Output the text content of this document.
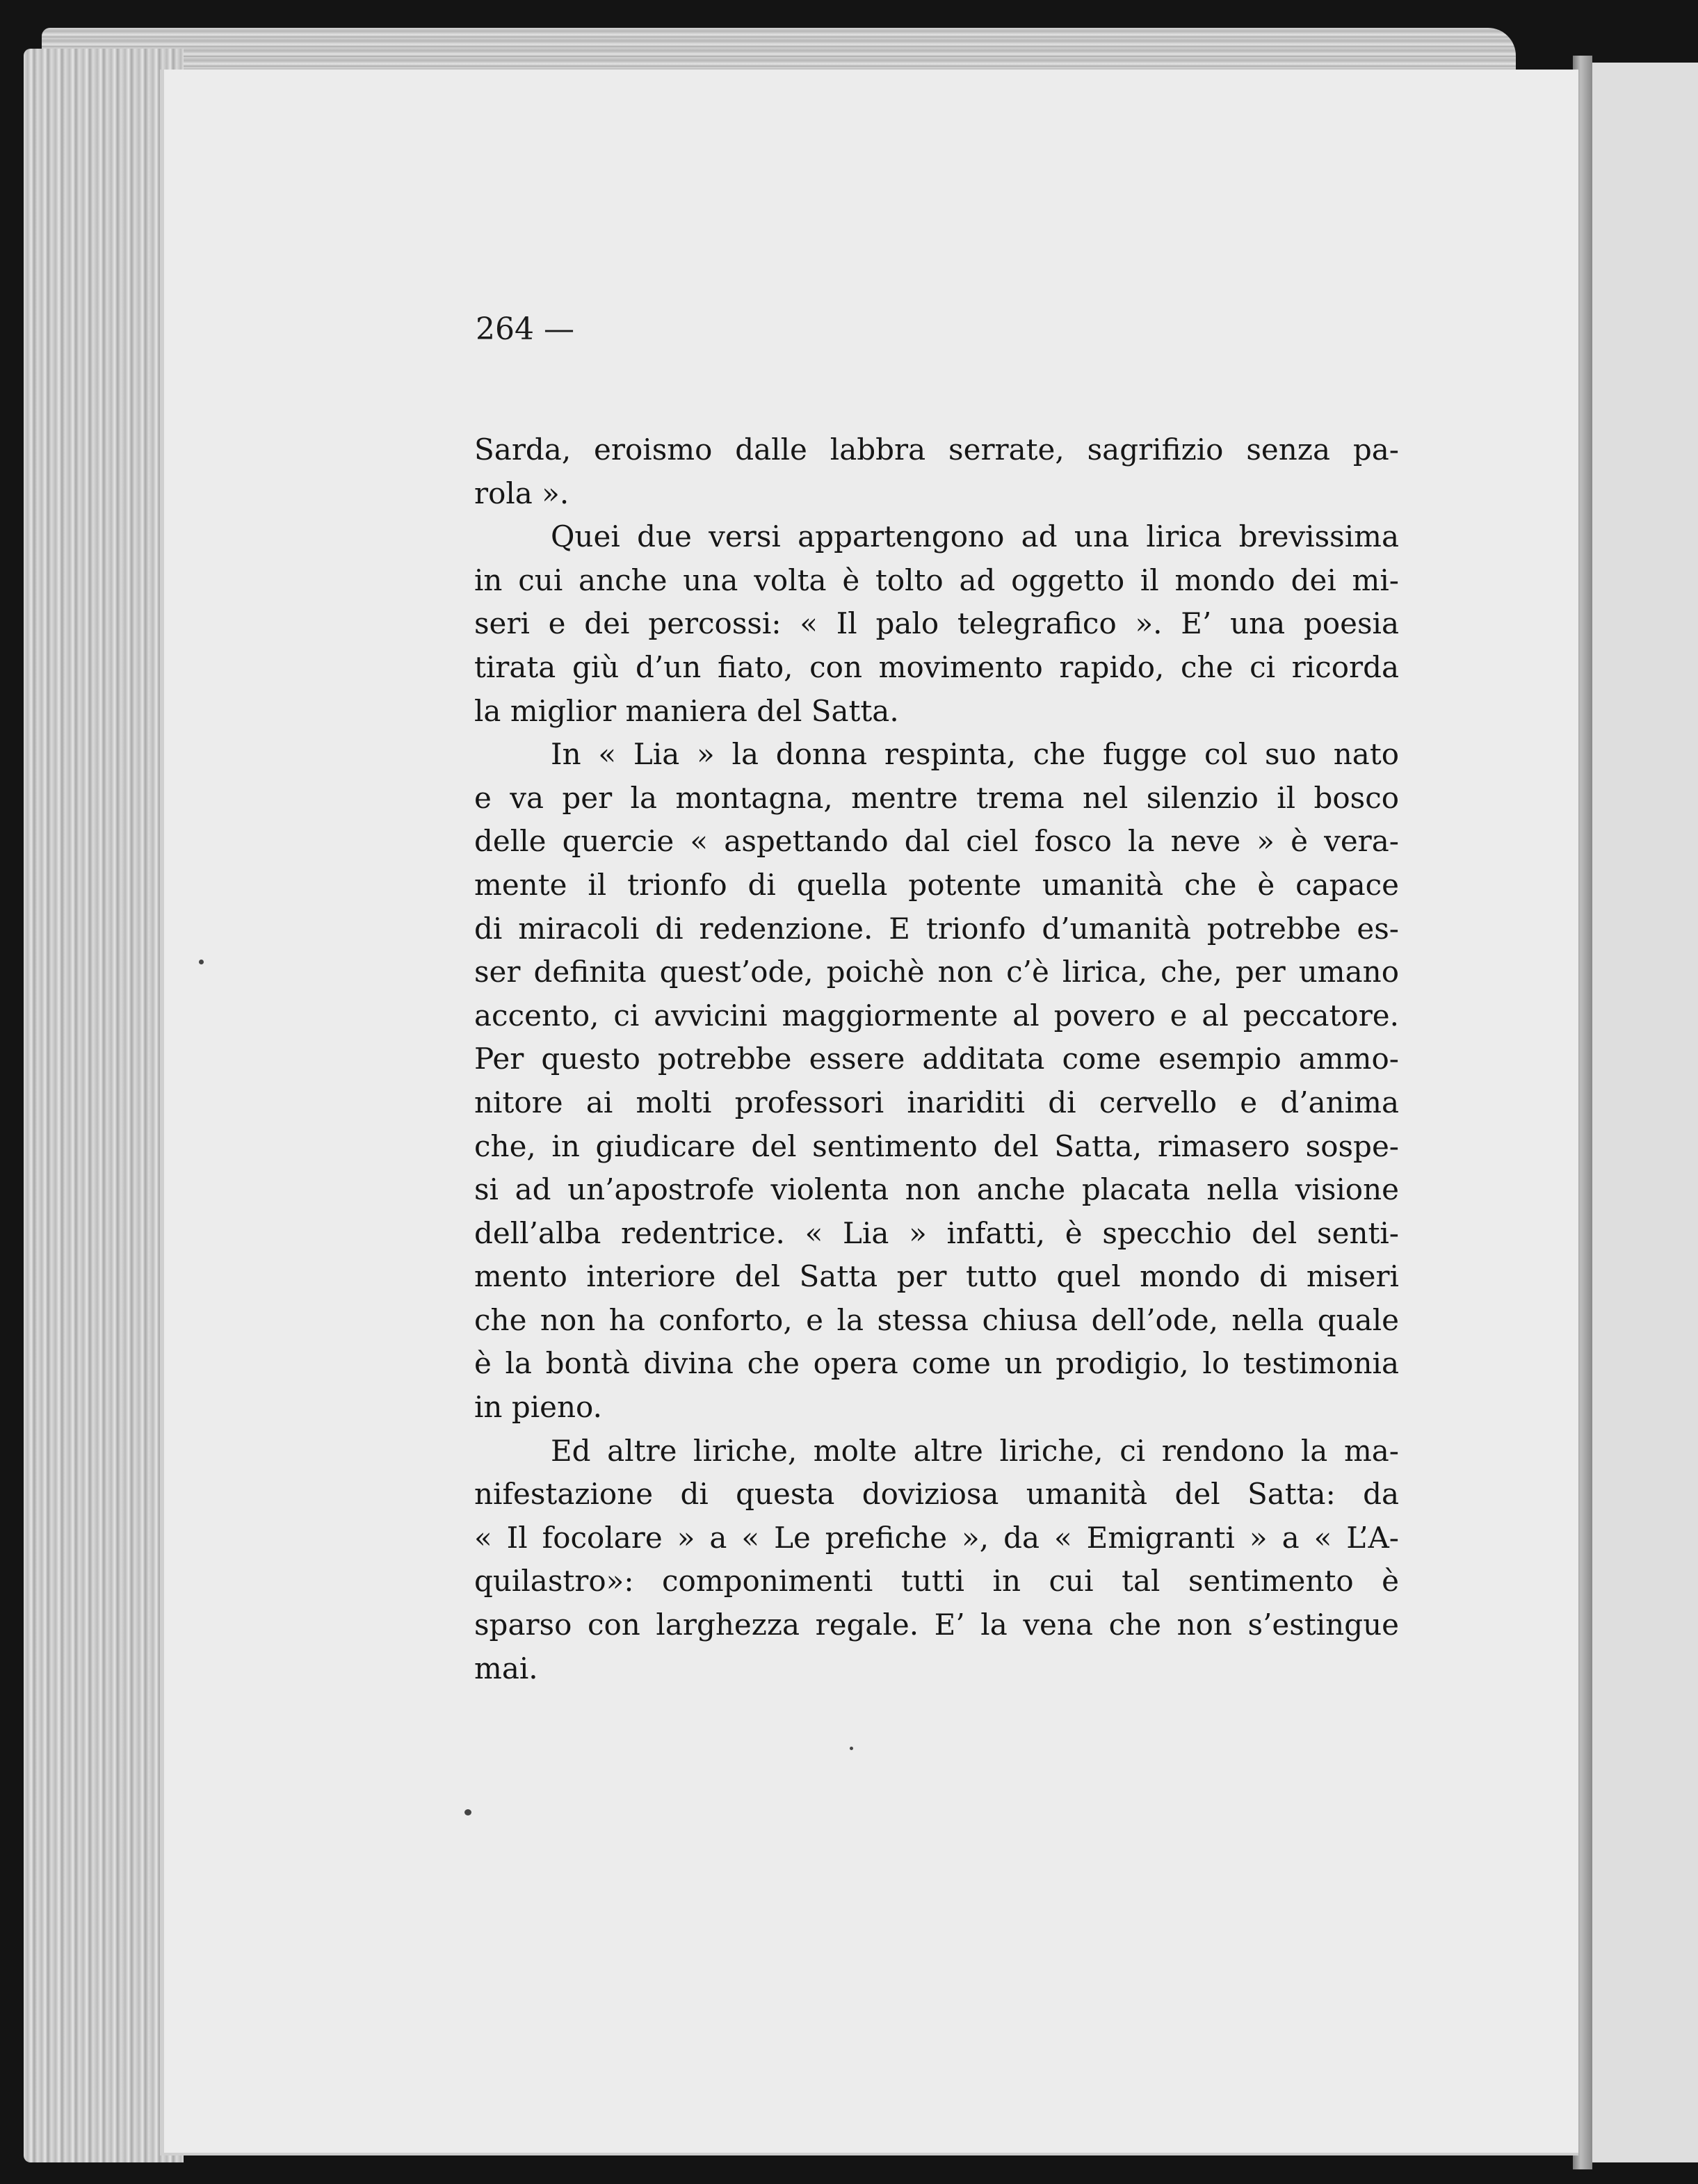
264 —
Sarda, eroismo dalle labbra serrate, sagrifizio senza pa-
rola ».
Quei due versi appartengono ad una lirica brevissima
in cui anche una volta è tolto ad oggetto il mondo dei mi-
seri e dei percossi: « Il palo telegrafico ». E’ una poesia
tirata giù d’un fiato, con movimento rapido, che ci ricorda
la miglior maniera del Satta.
In « Lia » la donna respinta, che fugge col suo nato
e va per la montagna, mentre trema nel silenzio il bosco
delle quercie « aspettando dal ciel fosco la neve » è vera-
mente il trionfo di quella potente umanità che è capace
di miracoli di redenzione. E trionfo d’umanità potrebbe es-
ser definita quest’ode, poichè non c’è lirica, che, per umano
accento, ci avvicini maggiormente al povero e al peccatore.
Per questo potrebbe essere additata come esempio ammo-
nitore ai molti professori inariditi di cervello e d’anima
che, in giudicare del sentimento del Satta, rimasero sospe-
si ad un’apostrofe violenta non anche placata nella visione
dell’alba redentrice. « Lia » infatti, è specchio del senti-
mento interiore del Satta per tutto quel mondo di miseri
che non ha conforto, e la stessa chiusa dell’ode, nella quale
è la bontà divina che opera come un prodigio, lo testimonia
in pieno.
Ed altre liriche, molte altre liriche, ci rendono la ma-
nifestazione di questa doviziosa umanità del Satta: da
« Il focolare » a « Le prefiche », da « Emigranti » a « L’A-
quilastro»: componimenti tutti in cui tal sentimento è
sparso con larghezza regale. E’ la vena che non s’estingue
mai.
